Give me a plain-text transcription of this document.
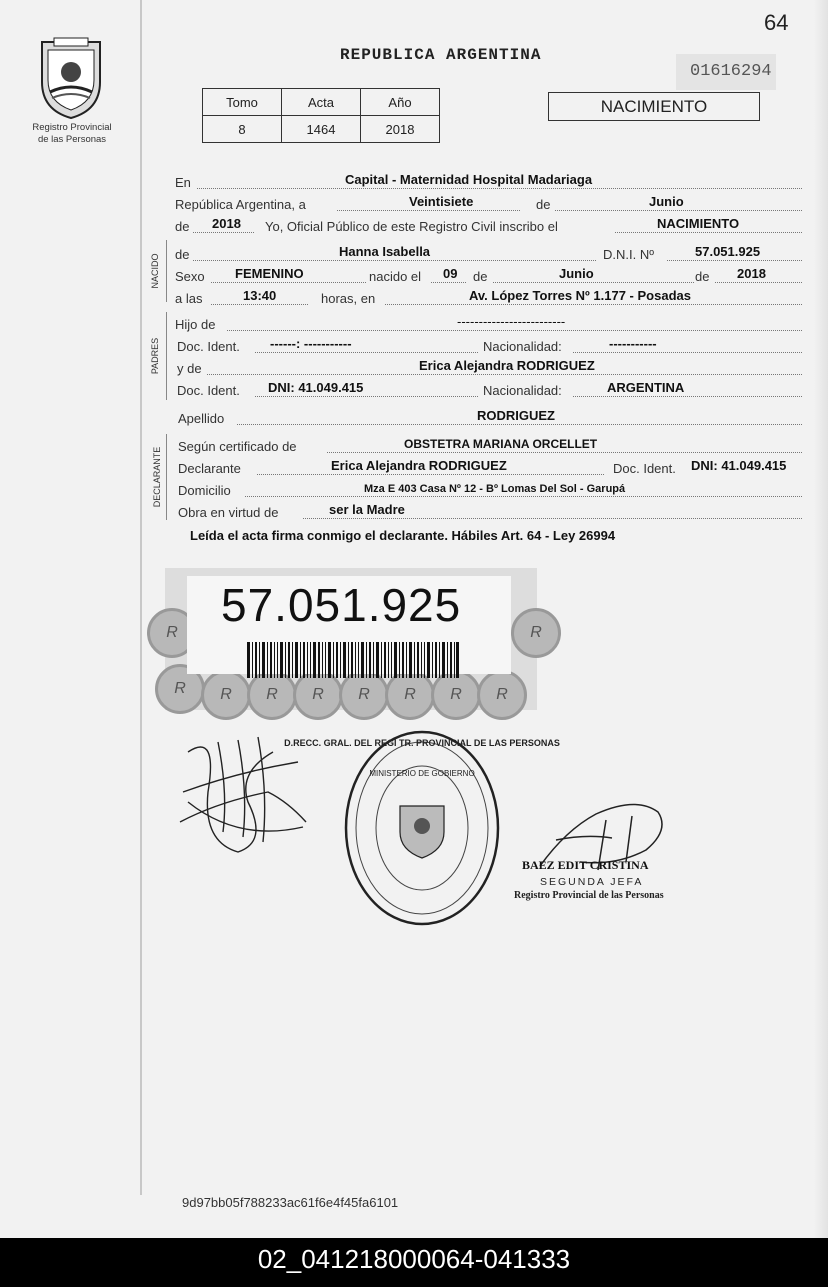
64
Registro Provincial
de las Personas
REPUBLICA ARGENTINA
01616294
Tomo	Acta	Año
8	1464	2018
NACIMIENTO
En	Capital - Maternidad Hospital Madariaga
República Argentina, a	Veintisiete	de	Junio
de 2018 Yo, Oficial Público de este Registro Civil inscribo el	NACIMIENTO
NACIDO de	Hanna Isabella	D.N.I. Nº	57.051.925
Sexo FEMENINO	nacido el 09 de	Junio	de 2018
a las	13:40	horas, en	Av. López Torres Nº 1.177 - Posadas
PADRES
Hijo de	-------------------------
Doc. Ident. ------: -----------	Nacionalidad:	-----------
y de	Erica Alejandra RODRIGUEZ
Doc. Ident. DNI: 41.049.415	Nacionalidad:	ARGENTINA
Apellido	RODRIGUEZ
DECLARANTE
Según certificado de	OBSTETRA MARIANA ORCELLET
Declarante	Erica Alejandra RODRIGUEZ	Doc. Ident. DNI: 41.049.415
Domicilio	Mza E 403 Casa Nº 12 - Bº Lomas Del Sol - Garupá
Obra en virtud de	ser la Madre
Leída el acta firma conmigo el declarante. Hábiles Art. 64 - Ley 26994
R	R	R	R	R	R	R	R
R	R
57.051.925
D.RECC. GRAL. DEL REGI TR. PROVINCIAL DE LAS PERSONAS
MINISTERIO DE GOBIERNO
BAEZ EDIT CRISTINA
SEGUNDA JEFA
Registro Provincial de las Personas
9d97bb05f788233ac61f6e4f45fa6101
02_041218000064-041333
